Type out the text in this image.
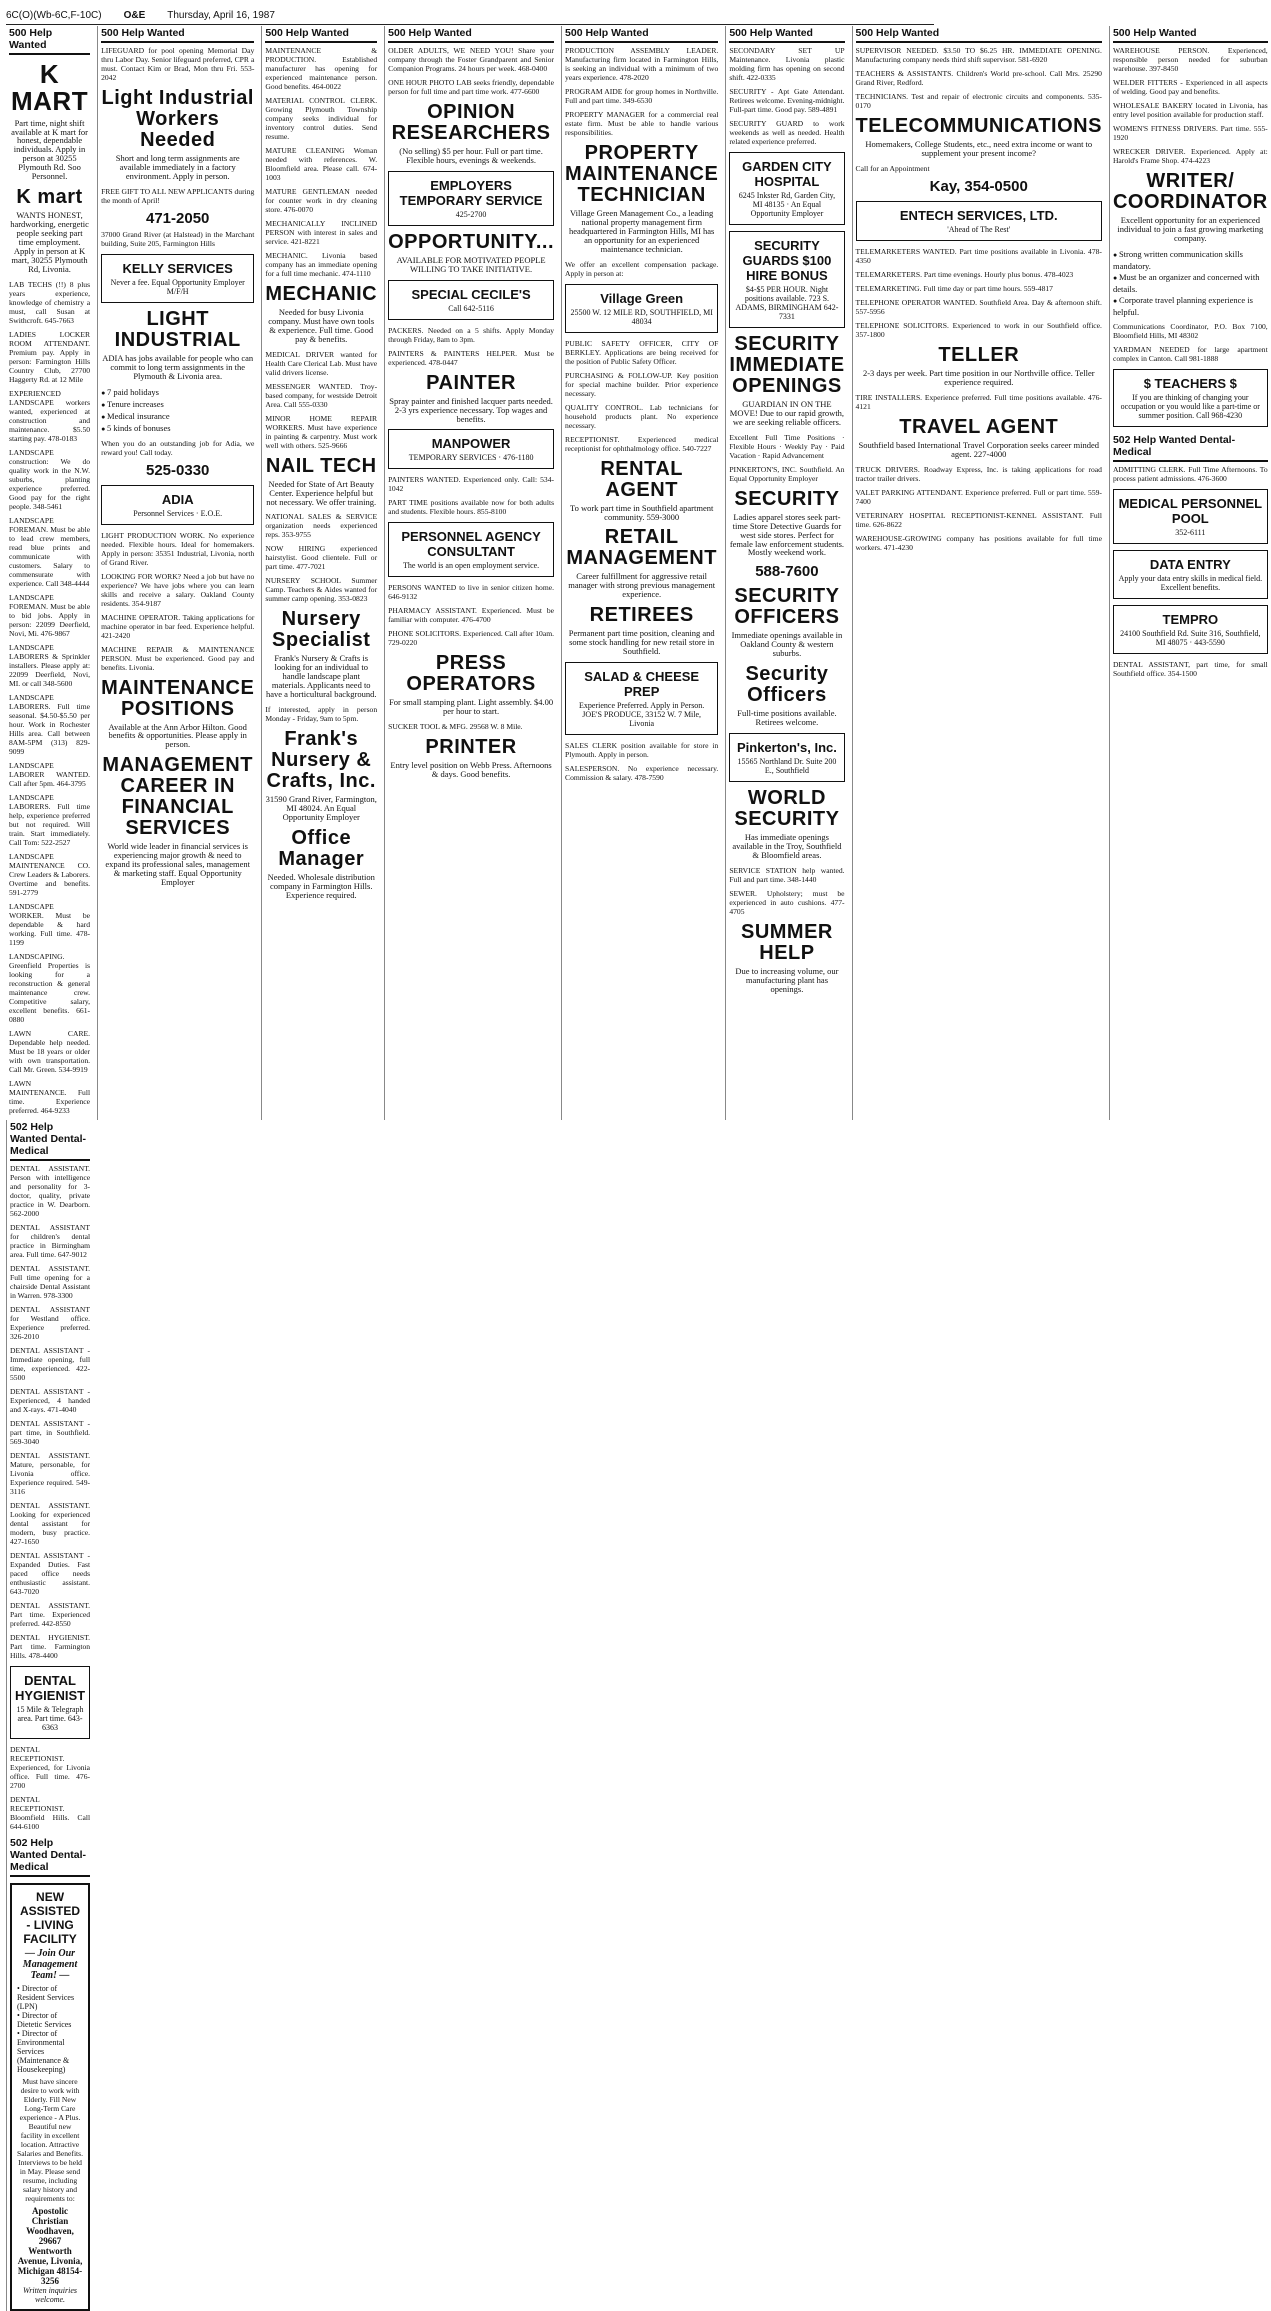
6C(O)(Wb-6C,F-10C) O&E Thursday, April 16, 1987
500 Help Wanted
K MART
Part time, night shift available at K mart for honest, dependable individuals. Apply in person at 30255 Plymouth Rd. Soo Personnel.
K mart
WANTS HONEST, hardworking, energetic people seeking part time employment. Apply in person at K mart, 30255 Plymouth Rd, Livonia.

LAB TECHS (!!) 8 plus years experience, knowledge of chemistry a must, call Susan at Swithcroft. 645-7663

LADIES LOCKER ROOM ATTENDANT. Premium pay. Apply in person: Farmington Hills Country Club, 27700 Haggerty Rd. at 12 Mile

EXPERIENCED LANDSCAPE workers wanted, experienced at construction and maintenance. $5.50 starting pay. 478-0183

LANDSCAPE construction: We do quality work in the N.W. suburbs, planting experience preferred. Good pay for the right people. 348-5461

LANDSCAPE FOREMAN. Must be able to lead crew members, read blue prints and communicate with customers. Salary to commensurate with experience. Call 348-4444

LANDSCAPE FOREMAN. Must be able to bid jobs. Apply in person: 22099 Deerfield, Novi, Mi. 476-9867

LANDSCAPE LABORERS & Sprinkler installers. Please apply at: 22099 Deerfield, Novi, MI. or call 348-5600

LANDSCAPE LABORERS. Full time seasonal. $4.50-$5.50 per hour. Work in Rochester Hills area. Call between 8AM-5PM (313) 829-9099

LANDSCAPE LABORER WANTED. Call after 5pm. 464-3795

LANDSCAPE LABORERS. Full time help, experience preferred but not required. Will train. Start immediately. Call Tom: 522-2527

LANDSCAPE MAINTENANCE CO. Crew Leaders & Laborers. Overtime and benefits. 591-2779

LANDSCAPE WORKER. Must be dependable & hard working. Full time. 478-1199

LANDSCAPING. Greenfield Properties is looking for a reconstruction & general maintenance crew. Competitive salary, excellent benefits. 661-0880

LAWN CARE. Dependable help needed. Must be 18 years or older with own transportation. Call Mr. Green. 534-9919

LAWN MAINTENANCE. Full time. Experience preferred. 464-9233

500 Help Wanted

LIFEGUARD for pool opening Memorial Day thru Labor Day. Senior lifeguard preferred, CPR a must. Contact Kim or Brad, Mon thru Fri. 553-2042

Light Industrial Workers Needed
Short and long term assignments are available immediately in a factory environment. Apply in person.

FREE GIFT TO ALL NEW APPLICANTS during the month of April!

471-2050

37000 Grand River (at Halstead) in the Marchant building, Suite 205, Farmington Hills

KELLY SERVICES
Never a fee. Equal Opportunity Employer M/F/H
LIGHT INDUSTRIAL
ADIA has jobs available for people who can commit to long term assignments in the Plymouth & Livonia area.
● 7 paid holidays
● Tenure increases
● Medical insurance
● 5 kinds of bonuses

When you do an outstanding job for Adia, we reward you! Call today.

525-0330
ADIA
Personnel Services · E.O.E.

LIGHT PRODUCTION WORK. No experience needed. Flexible hours. Ideal for homemakers. Apply in person: 35351 Industrial, Livonia, north of Grand River.

LOOKING FOR WORK? Need a job but have no experience? We have jobs where you can learn skills and receive a salary. Oakland County residents. 354-9187

MACHINE OPERATOR. Taking applications for machine operator in bar feed. Experience helpful. 421-2420

MACHINE REPAIR & MAINTENANCE PERSON. Must be experienced. Good pay and benefits. Livonia.

MAINTENANCE POSITIONS
Available at the Ann Arbor Hilton. Good benefits & opportunities. Please apply in person.
MANAGEMENT CAREER IN FINANCIAL SERVICES
World wide leader in financial services is experiencing major growth & need to expand its professional sales, management & marketing staff. Equal Opportunity Employer
500 Help Wanted

MAINTENANCE & PRODUCTION. Established manufacturer has opening for experienced maintenance person. Good benefits. 464-0022

MATERIAL CONTROL CLERK. Growing Plymouth Township company seeks individual for inventory control duties. Send resume.

MATURE CLEANING Woman needed with references. W. Bloomfield area. Please call. 674-1003

MATURE GENTLEMAN needed for counter work in dry cleaning store. 476-0070

MECHANICALLY INCLINED PERSON with interest in sales and service. 421-8221

MECHANIC. Livonia based company has an immediate opening for a full time mechanic. 474-1110

MECHANIC
Needed for busy Livonia company. Must have own tools & experience. Full time. Good pay & benefits.

MEDICAL DRIVER wanted for Health Care Clerical Lab. Must have valid drivers license.

MESSENGER WANTED. Troy-based company, for westside Detroit Area. Call 555-0330

MINOR HOME REPAIR WORKERS. Must have experience in painting & carpentry. Must work well with others. 525-9666

NAIL TECH
Needed for State of Art Beauty Center. Experience helpful but not necessary. We offer training.

NATIONAL SALES & SERVICE organization needs experienced reps. 353-9755

NOW HIRING experienced hairstylist. Good clientele. Full or part time. 477-7021

NURSERY SCHOOL Summer Camp. Teachers & Aides wanted for summer camp opening. 353-0823

Nursery Specialist
Frank's Nursery & Crafts is looking for an individual to handle landscape plant materials. Applicants need to have a horticultural background.

If interested, apply in person Monday - Friday, 9am to 5pm.

Frank's Nursery & Crafts, Inc.
31590 Grand River, Farmington, MI 48024. An Equal Opportunity Employer
Office Manager
Needed. Wholesale distribution company in Farmington Hills. Experience required.
500 Help Wanted

OLDER ADULTS, WE NEED YOU! Share your company through the Foster Grandparent and Senior Companion Programs. 24 hours per week. 468-0400

ONE HOUR PHOTO LAB seeks friendly, dependable person for full time and part time work. 477-6600

OPINION RESEARCHERS
(No selling) $5 per hour. Full or part time. Flexible hours, evenings & weekends.
EMPLOYERS TEMPORARY SERVICE
425-2700
OPPORTUNITY...
AVAILABLE FOR MOTIVATED PEOPLE WILLING TO TAKE INITIATIVE.
SPECIAL CECILE'S
Call 642-5116

PACKERS. Needed on a 5 shifts. Apply Monday through Friday, 8am to 3pm.

PAINTERS & PAINTERS HELPER. Must be experienced. 478-0447

PAINTER
Spray painter and finished lacquer parts needed. 2-3 yrs experience necessary. Top wages and benefits.
MANPOWER
TEMPORARY SERVICES · 476-1180

PAINTERS WANTED. Experienced only. Call: 534-1042

PART TIME positions available now for both adults and students. Flexible hours. 855-8100

PERSONNEL AGENCY CONSULTANT
The world is an open employment service.

PERSONS WANTED to live in senior citizen home. 646-9132

PHARMACY ASSISTANT. Experienced. Must be familiar with computer. 476-4700

PHONE SOLICITORS. Experienced. Call after 10am. 729-0220

PRESS OPERATORS
For small stamping plant. Light assembly. $4.00 per hour to start.

SUCKER TOOL & MFG. 29568 W. 8 Mile.

PRINTER
Entry level position on Webb Press. Afternoons & days. Good benefits.
500 Help Wanted

PRODUCTION ASSEMBLY LEADER. Manufacturing firm located in Farmington Hills, is seeking an individual with a minimum of two years experience. 478-2020

PROGRAM AIDE for group homes in Northville. Full and part time. 349-6530

PROPERTY MANAGER for a commercial real estate firm. Must be able to handle various responsibilities.

PROPERTY MAINTENANCE TECHNICIAN
Village Green Management Co., a leading national property management firm headquartered in Farmington Hills, MI has an opportunity for an experienced maintenance technician.

We offer an excellent compensation package. Apply in person at:

Village Green
25500 W. 12 MILE RD, SOUTHFIELD, MI 48034

PUBLIC SAFETY OFFICER, CITY OF BERKLEY. Applications are being received for the position of Public Safety Officer.

PURCHASING & FOLLOW-UP. Key position for special machine builder. Prior experience necessary.

QUALITY CONTROL. Lab technicians for household products plant. No experience necessary.

RECEPTIONIST. Experienced medical receptionist for ophthalmology office. 540-7227

RENTAL AGENT
To work part time in Southfield apartment community. 559-3000
RETAIL MANAGEMENT
Career fulfillment for aggressive retail manager with strong previous management experience.
RETIREES
Permanent part time position, cleaning and some stock handling for new retail store in Southfield.
SALAD & CHEESE PREP
Experience Preferred. Apply in Person. JOE'S PRODUCE, 33152 W. 7 Mile, Livonia

SALES CLERK position available for store in Plymouth. Apply in person.

SALESPERSON. No experience necessary. Commission & salary. 478-7590

500 Help Wanted

SECONDARY SET UP Maintenance. Livonia plastic molding firm has opening on second shift. 422-0335

SECURITY - Apt Gate Attendant. Retirees welcome. Evening-midnight. Full-part time. Good pay. 589-4891

SECURITY GUARD to work weekends as well as needed. Health related experience preferred.

GARDEN CITY HOSPITAL
6245 Inkster Rd, Garden City, MI 48135 · An Equal Opportunity Employer
SECURITY GUARDS $100 HIRE BONUS
$4-$5 PER HOUR. Night positions available. 723 S. ADAMS, BIRMINGHAM 642-7331
SECURITY IMMEDIATE OPENINGS
GUARDIAN IN ON THE MOVE! Due to our rapid growth, we are seeking reliable officers.

Excellent Full Time Positions · Flexible Hours · Weekly Pay · Paid Vacation · Rapid Advancement

PINKERTON'S, INC. Southfield. An Equal Opportunity Employer

SECURITY
Ladies apparel stores seek part-time Store Detective Guards for west side stores. Perfect for female law enforcement students. Mostly weekend work.
588-7600
SECURITY OFFICERS
Immediate openings available in Oakland County & western suburbs.
Security Officers
Full-time positions available. Retirees welcome.
Pinkerton's, Inc.
15565 Northland Dr. Suite 200 E., Southfield
WORLD SECURITY
Has immediate openings available in the Troy, Southfield & Bloomfield areas.

SERVICE STATION help wanted. Full and part time. 348-1440

SEWER. Upholstery; must be experienced in auto cushions. 477-4705

SUMMER HELP
Due to increasing volume, our manufacturing plant has openings.
500 Help Wanted

SUPERVISOR NEEDED. $3.50 TO $6.25 HR. IMMEDIATE OPENING. Manufacturing company needs third shift supervisor. 581-6920

TEACHERS & ASSISTANTS. Children's World pre-school. Call Mrs. 25290 Grand River, Redford.

TECHNICIANS. Test and repair of electronic circuits and components. 535-0170

TELECOMMUNICATIONS
Homemakers, College Students, etc., need extra income or want to supplement your present income?

Call for an Appointment

Kay, 354-0500
ENTECH SERVICES, LTD.
'Ahead of The Rest'

TELEMARKETERS WANTED. Part time positions available in Livonia. 478-4350

TELEMARKETERS. Part time evenings. Hourly plus bonus. 478-4023

TELEMARKETING. Full time day or part time hours. 559-4817

TELEPHONE OPERATOR WANTED. Southfield Area. Day & afternoon shift. 557-5956

TELEPHONE SOLICITORS. Experienced to work in our Southfield office. 357-1800

TELLER
2-3 days per week. Part time position in our Northville office. Teller experience required.

TIRE INSTALLERS. Experience preferred. Full time positions available. 476-4121

TRAVEL AGENT
Southfield based International Travel Corporation seeks career minded agent. 227-4000

TRUCK DRIVERS. Roadway Express, Inc. is taking applications for road tractor trailer drivers.

VALET PARKING ATTENDANT. Experience preferred. Full or part time. 559-7400

VETERINARY HOSPITAL RECEPTIONIST-KENNEL ASSISTANT. Full time. 626-8622

WAREHOUSE-GROWING company has positions available for full time workers. 471-4230

500 Help Wanted

WAREHOUSE PERSON. Experienced, responsible person needed for suburban warehouse. 397-8450

WELDER FITTERS - Experienced in all aspects of welding. Good pay and benefits.

WHOLESALE BAKERY located in Livonia, has entry level position available for production staff.

WOMEN'S FITNESS DRIVERS. Part time. 555-1920

WRECKER DRIVER. Experienced. Apply at: Harold's Frame Shop. 474-4223

WRITER/ COORDINATOR
Excellent opportunity for an experienced individual to join a fast growing marketing company.
● Strong written communication skills mandatory.
● Must be an organizer and concerned with details.
● Corporate travel planning experience is helpful.

Communications Coordinator, P.O. Box 7100, Bloomfield Hills, MI 48302

YARDMAN NEEDED for large apartment complex in Canton. Call 981-1888

$ TEACHERS $
If you are thinking of changing your occupation or you would like a part-time or summer position. Call 968-4230
502 Help Wanted Dental-Medical

ADMITTING CLERK. Full Time Afternoons. To process patient admissions. 476-3600

MEDICAL PERSONNEL POOL
352-6111
DATA ENTRY
Apply your data entry skills in medical field. Excellent benefits.
TEMPRO
24100 Southfield Rd. Suite 316, Southfield, MI 48075 · 443-5590

DENTAL ASSISTANT, part time, for small Southfield office. 354-1500

502 Help Wanted Dental-Medical

DENTAL ASSISTANT. Person with intelligence and personality for 3-doctor, quality, private practice in W. Dearborn. 562-2000

DENTAL ASSISTANT for children's dental practice in Birmingham area. Full time. 647-9012

DENTAL ASSISTANT. Full time opening for a chairside Dental Assistant in Warren. 978-3300

DENTAL ASSISTANT for Westland office. Experience preferred. 326-2010

DENTAL ASSISTANT - Immediate opening, full time, experienced. 422-5500

DENTAL ASSISTANT - Experienced, 4 handed and X-rays. 471-4040

DENTAL ASSISTANT - part time, in Southfield. 569-3040

DENTAL ASSISTANT. Mature, personable, for Livonia office. Experience required. 549-3116

DENTAL ASSISTANT. Looking for experienced dental assistant for modern, busy practice. 427-1650

DENTAL ASSISTANT - Expanded Duties. Fast paced office needs enthusiastic assistant. 643-7020

DENTAL ASSISTANT. Part time. Experienced preferred. 442-8550

DENTAL HYGIENIST. Part time. Farmington Hills. 478-4400

DENTAL HYGIENIST
15 Mile & Telegraph area. Part time. 643-6363

DENTAL RECEPTIONIST. Experienced, for Livonia office. Full time. 476-2700

DENTAL RECEPTIONIST. Bloomfield Hills. Call 644-6100

502 Help Wanted Dental-Medical
NEW ASSISTED - LIVING FACILITY
— Join Our Management Team! —
• Director of Resident Services (LPN)
• Director of Dietetic Services
• Director of Environmental Services (Maintenance & Housekeeping)
Must have sincere desire to work with Elderly. Fill New Long-Term Care experience - A Plus. Beautiful new facility in excellent location. Attractive Salaries and Benefits. Interviews to be held in May. Please send resume, including salary history and requirements to:
Apostolic Christian Woodhaven, 29667 Wentworth Avenue, Livonia, Michigan 48154-3256
Written inquiries welcome.
